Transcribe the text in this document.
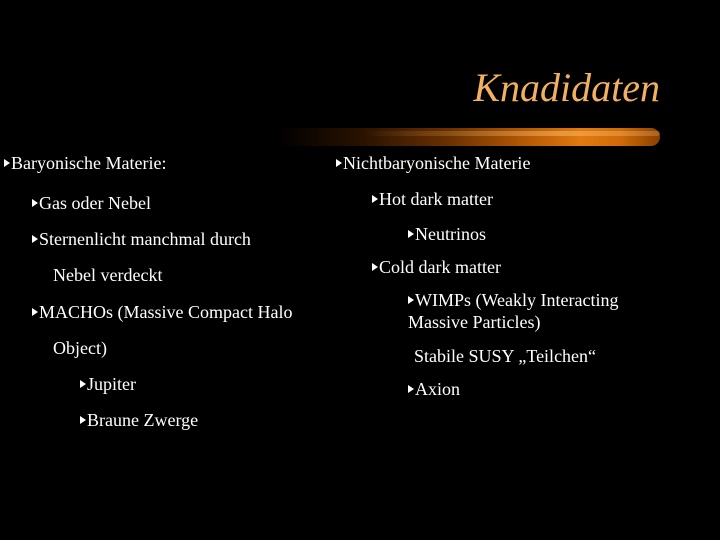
Knadidaten
Baryonische Materie:
Gas oder Nebel
Sternenlicht manchmal durch
Nebel verdeckt
MACHOs (Massive Compact Halo
Object)
Jupiter
Braune Zwerge
Nichtbaryonische Materie
Hot dark matter
Neutrinos
Cold dark matter
WIMPs (Weakly Interacting
Massive Particles)
Stabile SUSY „Teilchen“
Axion
